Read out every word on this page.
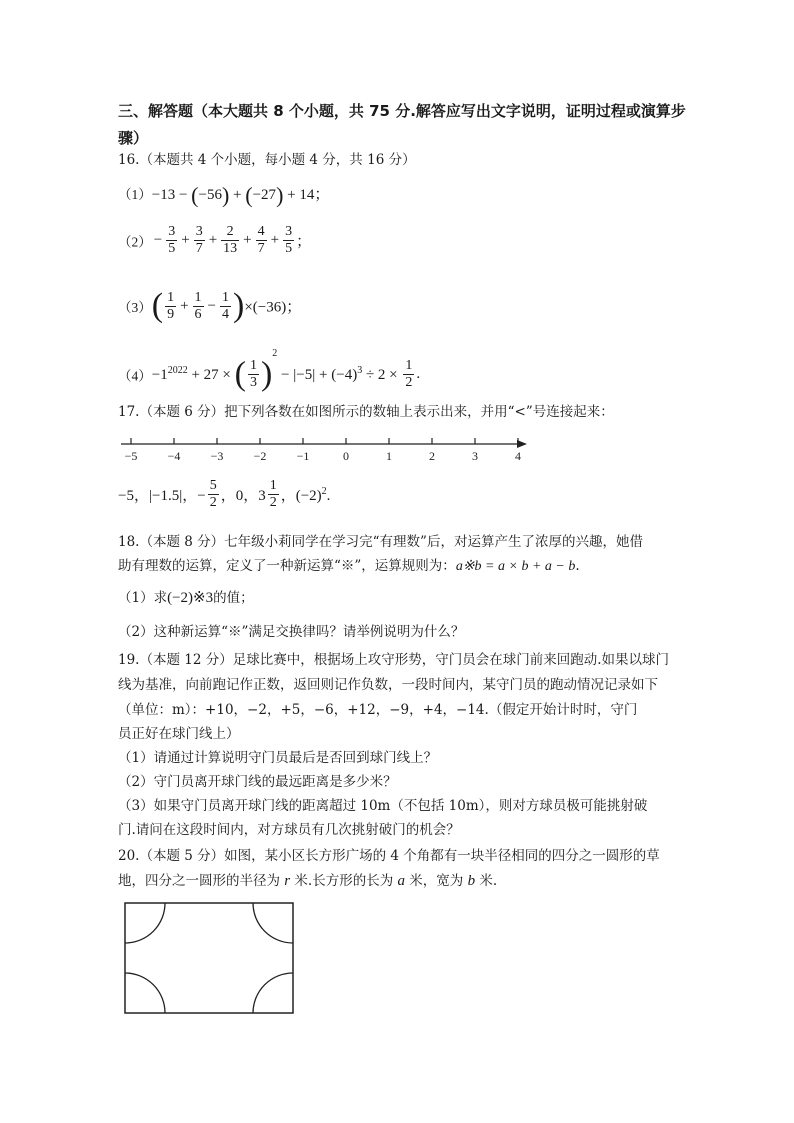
三、解答题（本大题共 8 个小题，共 75 分.解答应写出文字说明，证明过程或演算步骤）
16.（本题共 4 个小题，每小题 4 分，共 16 分）
（1）−13 − (−56) + (−27) + 14；
$(2) - \frac{3}{5} + \frac{3}{7} + \frac{2}{13} + \frac{4}{7} + \frac{3}{5}$ ；
$(3)( \frac{1}{9} + \frac{1}{6} - \frac{1}{4} )\times(-36)$；
$(4)-1^{2022} + 27$ × ( $\frac{1}{3} )^2 - |-5| + (-4)^3 \div 2 \times \frac{1}{2}$ .
17.（本题 6 分）把下列各数在如图所示的数轴上表示出来，并用“<”号连接起来：
−5	−4	−3	−2	−1	0	1	2	3	4
−5，|−1.5|，− $\frac{5}{2}$ ，0，$3 \frac{1}{2}$ ，$(-2)^2$.
18.（本题 8 分）七年级小莉同学在学习完“有理数”后，对运算产生了浓厚的兴趣，她借
助有理数的运算，定义了一种新运算“※”，运算规则为：a※b = a × b + a − b.
（1）求(−2)※3的值；
（2）这种新运算“※”满足交换律吗？请举例说明为什么？
19.（本题 12 分）足球比赛中，根据场上攻守形势，守门员会在球门前来回跑动.如果以球门
线为基准，向前跑记作正数，返回则记作负数，一段时间内，某守门员的跑动情况记录如下
（单位：m）：+10，−2，+5，−6，+12，−9，+4，−14.（假定开始计时时，守门
员正好在球门线上）
（1）请通过计算说明守门员最后是否回到球门线上？
（2）守门员离开球门线的最远距离是多少米？
（3）如果守门员离开球门线的距离超过 10m（不包括 10m），则对方球员极可能挑射破
门.请问在这段时间内，对方球员有几次挑射破门的机会？
20.（本题 5 分）如图，某小区长方形广场的 4 个角都有一块半径相同的四分之一圆形的草
地，四分之一圆形的半径为 r 米.长方形的长为 a 米，宽为 b 米.
